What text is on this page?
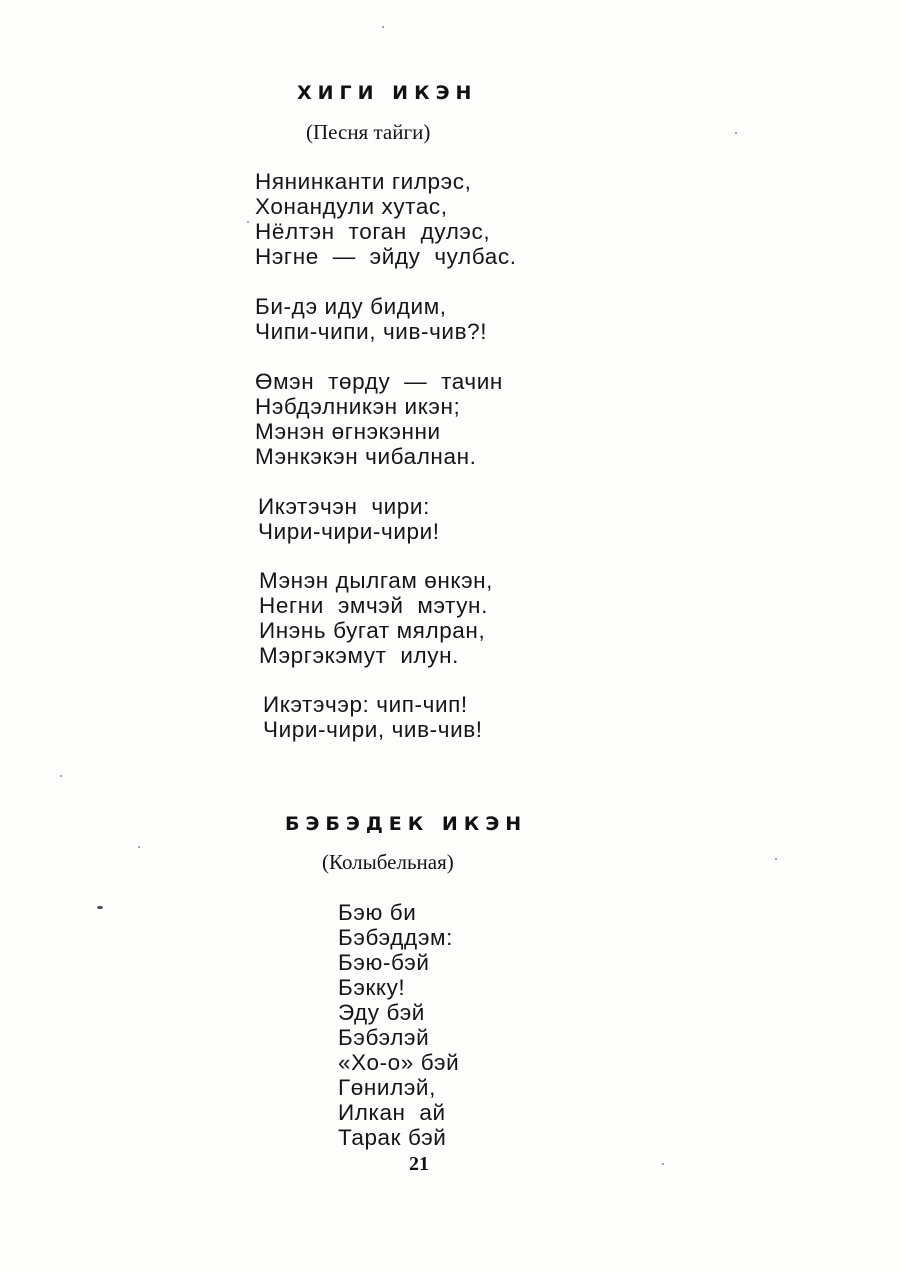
ХИГИ ИКЭН
(Песня тайги)
Нянинканти гилрэс,
Хонандули хутас,
Нёлтэн тоган дулэс,
Нэгне — эйду чулбас.
Би-дэ иду бидим,
Чипи-чипи, чив-чив?!
Өмэн төрду — тачин
Нэбдэлникэн икэн;
Мэнэн өгнэкэнни
Мэнкэкэн чибалнан.
Икэтэчэн чири:
Чири-чири-чири!
Мэнэн дылгам өнкэн,
Негни эмчэй мэтун.
Инэнь бугат мялран,
Мэргэкэмут илун.
Икэтэчэр: чип-чип!
Чири-чири, чив-чив!
БЭБЭДЕК ИКЭН
(Колыбельная)
Бэю би
Бэбэддэм:
Бэю-бэй
Бэкку!
Эду бэй
Бэбэлэй
«Хо-о» бэй
Гөнилэй,
Илкан ай
Тарак бэй
21
